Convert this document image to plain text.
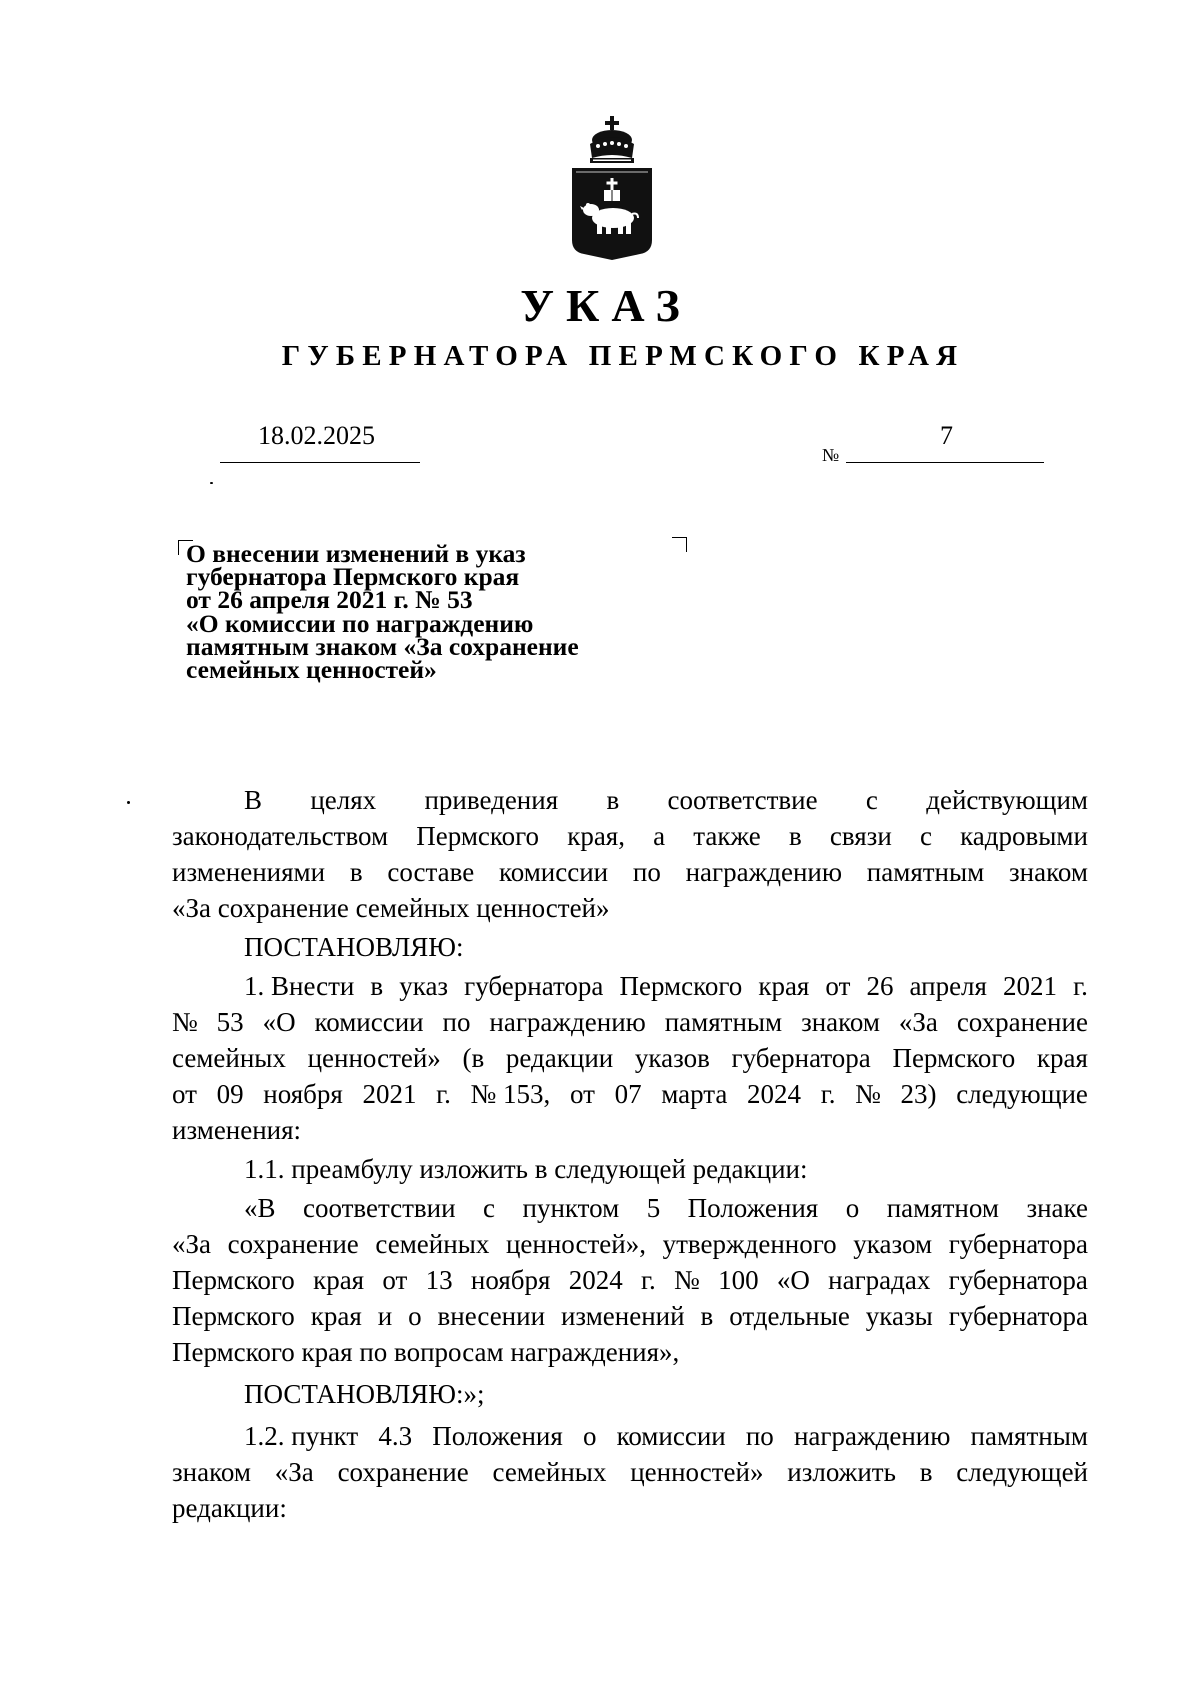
УКАЗ
ГУБЕРНАТОРА ПЕРМСКОГО КРАЯ
18.02.2025
№
7
О внесении изменений в указ
губернатора Пермского края
от 26 апреля 2021 г. № 53
«О комиссии по награждению
памятным знаком «За сохранение
семейных ценностей»
В целях приведения в соответствие с действующим
законодательством Пермского края, а также в связи с кадровыми
изменениями в составе комиссии по награждению памятным знаком
«За сохранение семейных ценностей»
ПОСТАНОВЛЯЮ:
1. Внести в указ губернатора Пермского края от 26 апреля 2021 г.
№ 53 «О комиссии по награждению памятным знаком «За сохранение
семейных ценностей» (в редакции указов губернатора Пермского края
от 09 ноября 2021 г. № 153, от 07 марта 2024 г. № 23) следующие
изменения:
1.1. преамбулу изложить в следующей редакции:
«В соответствии с пунктом 5 Положения о памятном знаке
«За сохранение семейных ценностей», утвержденного указом губернатора
Пермского края от 13 ноября 2024 г. № 100 «О наградах губернатора
Пермского края и о внесении изменений в отдельные указы губернатора
Пермского края по вопросам награждения»,
ПОСТАНОВЛЯЮ:»;
1.2. пункт 4.3 Положения о комиссии по награждению памятным
знаком «За сохранение семейных ценностей» изложить в следующей
редакции:
